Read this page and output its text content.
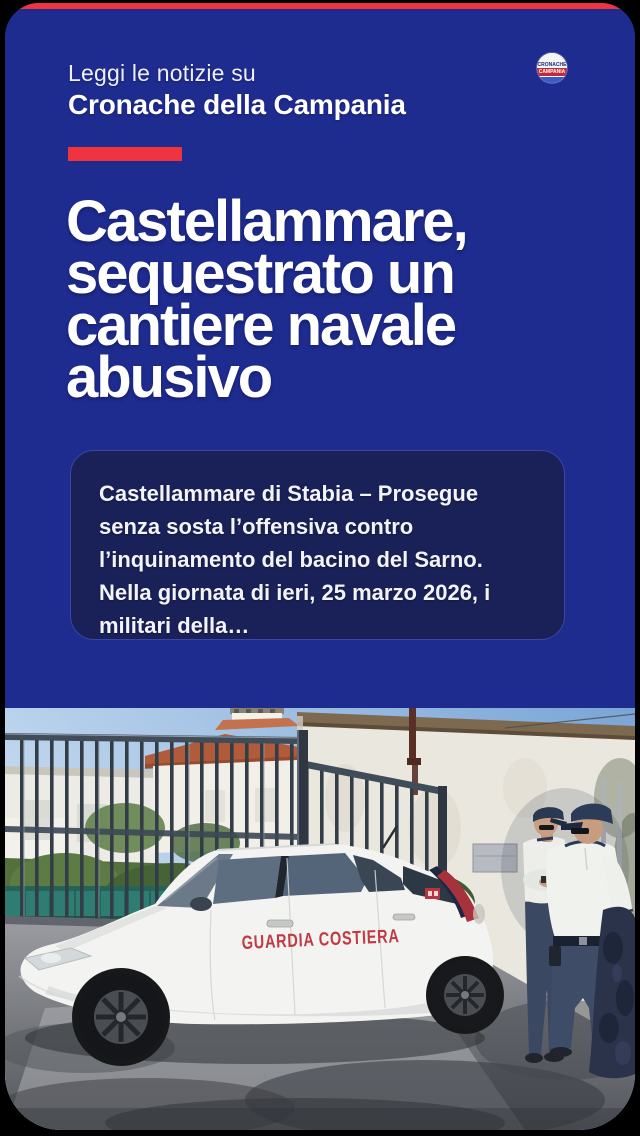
Leggi le notizie su
Cronache della Campania
CRONACHE
CAMPANIA
Castellammare, sequestrato un cantiere navale abusivo
Castellammare di Stabia – Prosegue senza sosta l’offensiva contro l’inquinamento del bacino del Sarno. Nella giornata di ieri, 25 marzo 2026, i militari della…
GUARDIA COSTIERA
